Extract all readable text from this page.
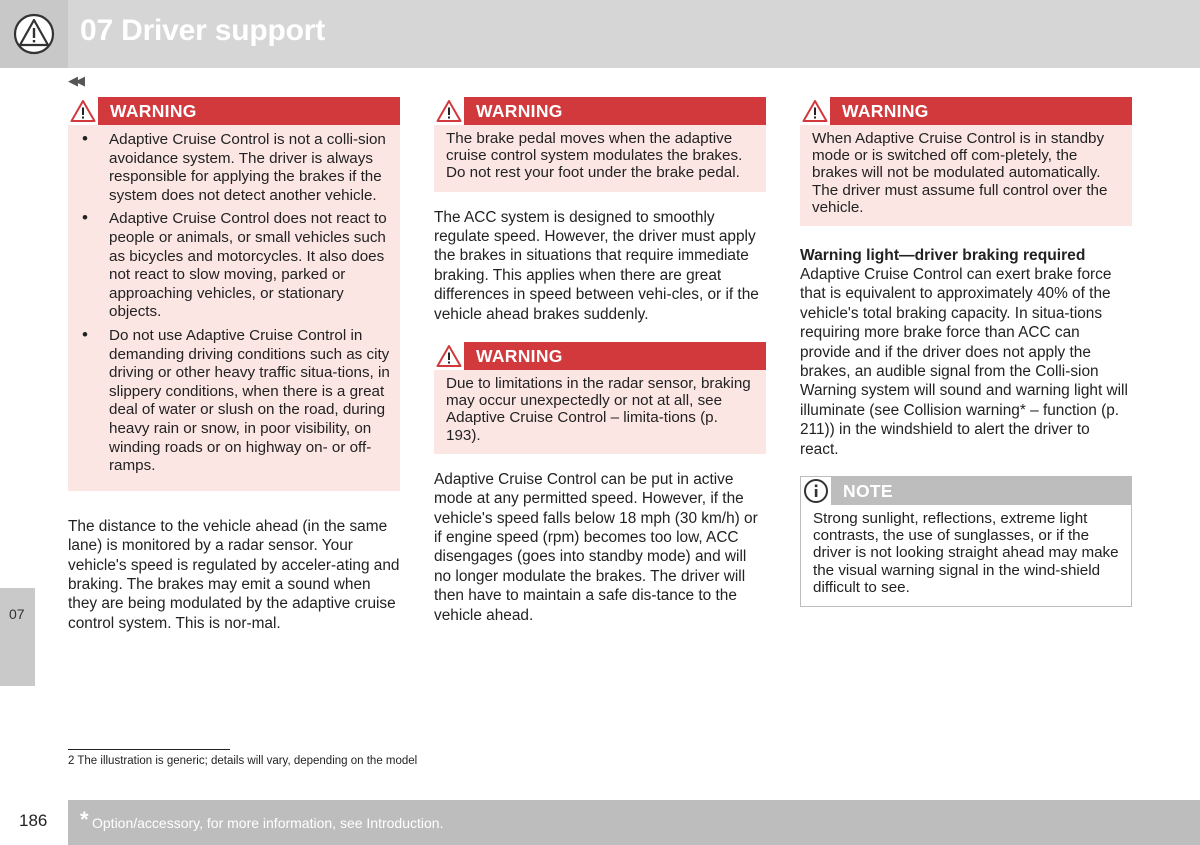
07 Driver support
◀◀
07
WARNING
• Adaptive Cruise Control is not a colli-sion avoidance system. The driver is always responsible for applying the brakes if the system does not detect another vehicle.
• Adaptive Cruise Control does not react to people or animals, or small vehicles such as bicycles and motorcycles. It also does not react to slow moving, parked or approaching vehicles, or stationary objects.
• Do not use Adaptive Cruise Control in demanding driving conditions such as city driving or other heavy traffic situa-tions, in slippery conditions, when there is a great deal of water or slush on the road, during heavy rain or snow, in poor visibility, on winding roads or on highway on- or off-ramps.

The distance to the vehicle ahead (in the same lane) is monitored by a radar sensor. Your vehicle's speed is regulated by acceler-ating and braking. The brakes may emit a sound when they are being modulated by the adaptive cruise control system. This is nor-mal.

WARNING
The brake pedal moves when the adaptive cruise control system modulates the brakes. Do not rest your foot under the brake pedal.

The ACC system is designed to smoothly regulate speed. However, the driver must apply the brakes in situations that require immediate braking. This applies when there are great differences in speed between vehi-cles, or if the vehicle ahead brakes suddenly.

WARNING
Due to limitations in the radar sensor, braking may occur unexpectedly or not at all, see Adaptive Cruise Control – limita-tions (p. 193).

Adaptive Cruise Control can be put in active mode at any permitted speed. However, if the vehicle's speed falls below 18 mph (30 km/h) or if engine speed (rpm) becomes too low, ACC disengages (goes into standby mode) and will no longer modulate the brakes. The driver will then have to maintain a safe dis-tance to the vehicle ahead.

WARNING
When Adaptive Cruise Control is in standby mode or is switched off com-pletely, the brakes will not be modulated automatically. The driver must assume full control over the vehicle.
Warning light—driver braking required

Adaptive Cruise Control can exert brake force that is equivalent to approximately 40% of the vehicle's total braking capacity. In situa-tions requiring more brake force than ACC can provide and if the driver does not apply the brakes, an audible signal from the Colli-sion Warning system will sound and warning light will illuminate (see Collision warning* – function (p. 211)) in the windshield to alert the driver to react.

NOTE
Strong sunlight, reflections, extreme light contrasts, the use of sunglasses, or if the driver is not looking straight ahead may make the visual warning signal in the wind-shield difficult to see.
2 The illustration is generic; details will vary, depending on the model
186 * Option/accessory, for more information, see Introduction.
